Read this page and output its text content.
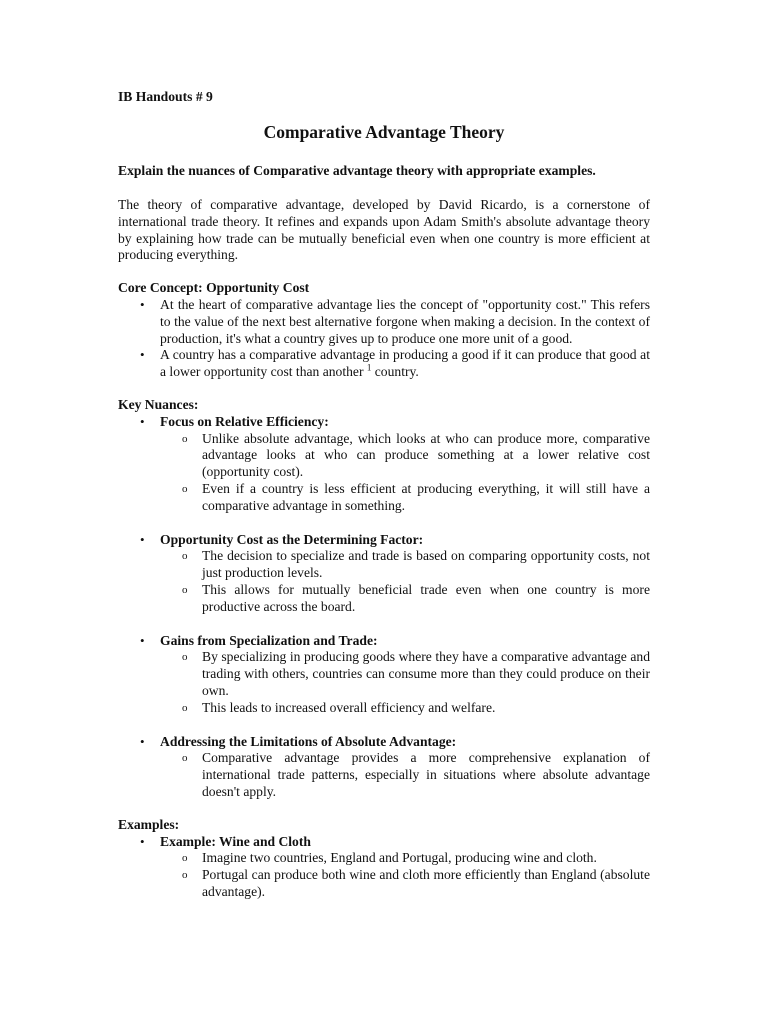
IB Handouts # 9

Comparative Advantage Theory

Explain the nuances of Comparative advantage theory with appropriate examples.

The theory of comparative advantage, developed by David Ricardo, is a cornerstone of international trade theory. It refines and expands upon Adam Smith's absolute advantage theory by explaining how trade can be mutually beneficial even when one country is more efficient at producing everything.

Core Concept: Opportunity Cost
• At the heart of comparative advantage lies the concept of "opportunity cost." This refers to the value of the next best alternative forgone when making a decision. In the context of production, it's what a country gives up to produce one more unit of a good.
• A country has a comparative advantage in producing a good if it can produce that good at a lower opportunity cost than another $^1$ country.
Key Nuances:
• Focus on Relative Efficiency:
o Unlike absolute advantage, which looks at who can produce more, comparative advantage looks at who can produce something at a lower relative cost (opportunity cost).
o Even if a country is less efficient at producing everything, it will still have a comparative advantage in something.
• Opportunity Cost as the Determining Factor:
o The decision to specialize and trade is based on comparing opportunity costs, not just production levels.
o This allows for mutually beneficial trade even when one country is more productive across the board.
• Gains from Specialization and Trade:
o By specializing in producing goods where they have a comparative advantage and trading with others, countries can consume more than they could produce on their own.
o This leads to increased overall efficiency and welfare.
• Addressing the Limitations of Absolute Advantage:
o Comparative advantage provides a more comprehensive explanation of international trade patterns, especially in situations where absolute advantage doesn't apply.
Examples:
• Example: Wine and Cloth
o Imagine two countries, England and Portugal, producing wine and cloth.
o Portugal can produce both wine and cloth more efficiently than England (absolute advantage).
